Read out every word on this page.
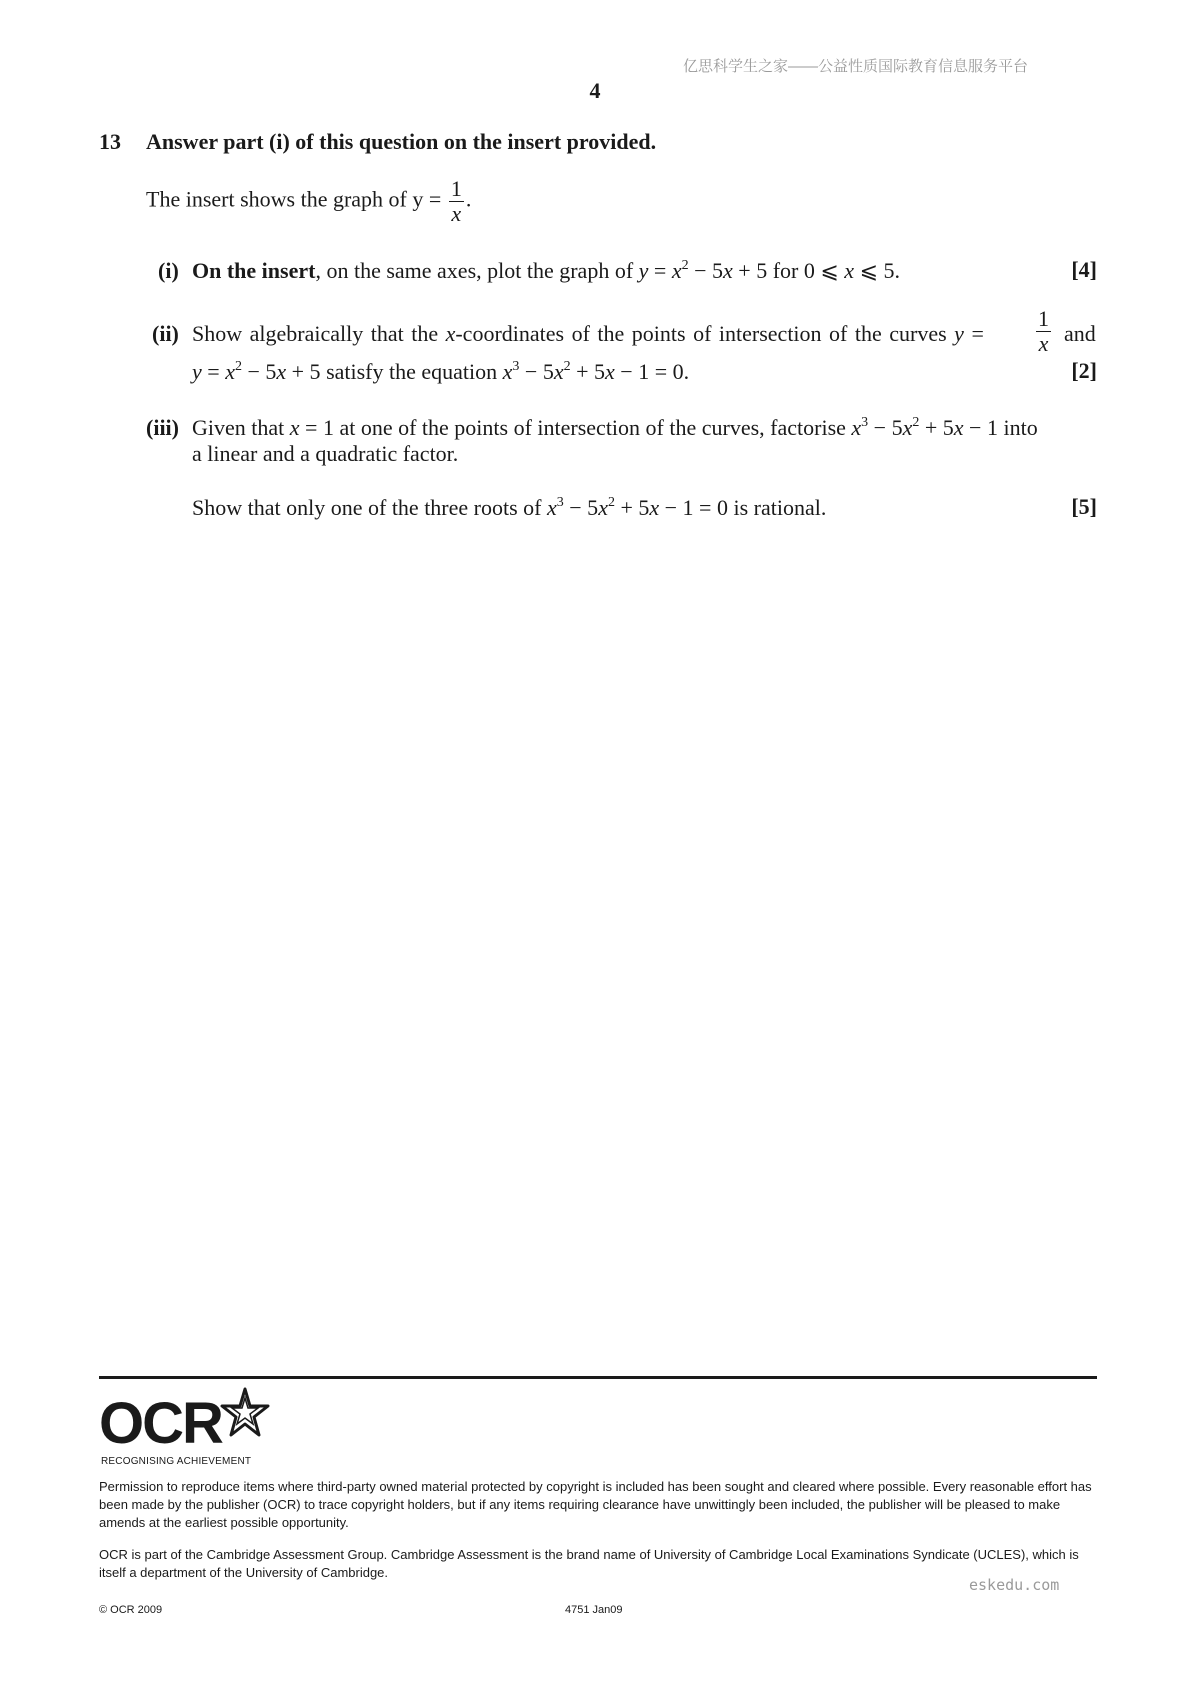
亿思科学生之家——公益性质国际教育信息服务平台
4
13 Answer part (i) of this question on the insert provided.
The insert shows the graph of $y = \frac{1}{x}$ .
(i) On the insert, on the same axes, plot the graph of $y = x^2 - 5x + 5$ for 0 ⩽ x ⩽ 5.	[4]
(ii) Show algebraically that the x-coordinates of the points of intersection of the curves y =	$\frac{1}{x}$ and
$y = x^2 - 5x + 5$ satisfy the equation $x^3 - 5x^2 + 5x - 1 = 0$.	[2]
(iii) Given that x = 1 at one of the points of intersection of the curves, factorise $x^3 - 5x^2 + 5x - 1$ into
a linear and a quadratic factor.
Show that only one of the three roots of $x^3 - 5x^2 + 5x - 1 = 0$ is rational.	[5]
OCR
RECOGNISING ACHIEVEMENT
Permission to reproduce items where third-party owned material protected by copyright is included has been sought and cleared where possible. Every reasonable effort has been made by the publisher (OCR) to trace copyright holders, but if any items requiring clearance have unwittingly been included, the publisher will be pleased to make amends at the earliest possible opportunity.
OCR is part of the Cambridge Assessment Group. Cambridge Assessment is the brand name of University of Cambridge Local Examinations Syndicate (UCLES), which is itself a department of the University of Cambridge.
eskedu.com
© OCR 2009	4751 Jan09
